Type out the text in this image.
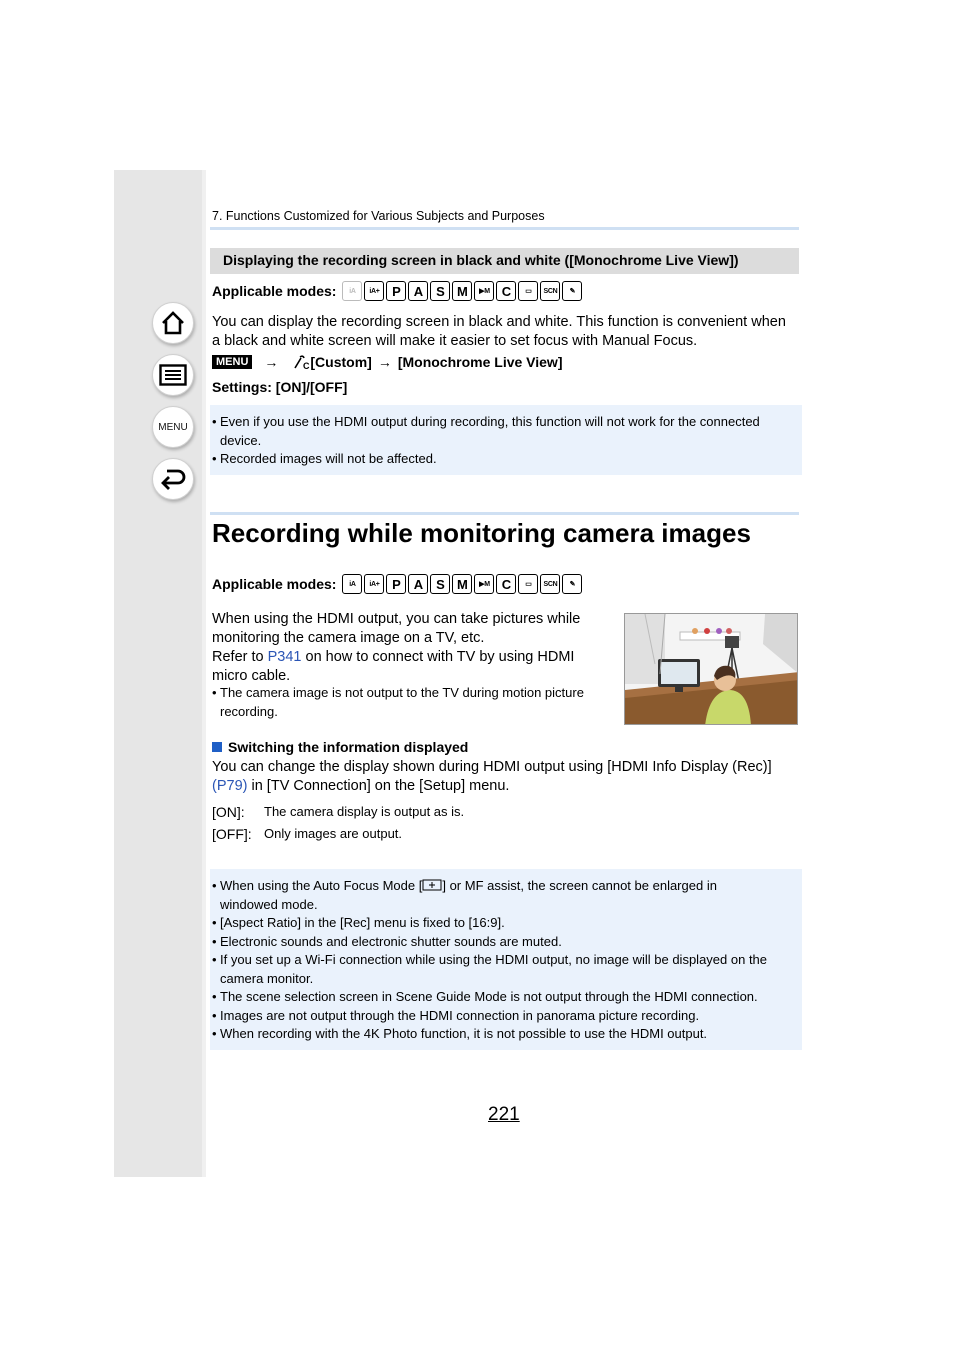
MENU
7. Functions Customized for Various Subjects and Purposes
Displaying the recording screen in black and white ([Monochrome Live View])
Applicable modes:	iA	iA+ P A S M	▶M C	▭	SCN	✎
You can display the recording screen in black and white. This function is convenient when
a black and white screen will make it easier to set focus with Manual Focus.
MENU →	C [Custom] → [Monochrome Live View]
Settings: [ON]/[OFF]
• Even if you use the HDMI output during recording, this function will not work for the connected
device.
• Recorded images will not be affected.
Recording while monitoring camera images
Applicable modes:	iA	iA+ P A S M	▶M C	▭	SCN	✎
When using the HDMI output, you can take pictures while
monitoring the camera image on a TV, etc.
Refer to P341 on how to connect with TV by using HDMI
micro cable.
• The camera image is not output to the TV during motion picture
recording.
Switching the information displayed
You can change the display shown during HDMI output using [HDMI Info Display (Rec)]
(P79) in [TV Connection] on the [Setup] menu.
[ON]:	The camera display is output as is.
[OFF]: Only images are output.
• When using the Auto Focus Mode [ ] or MF assist, the screen cannot be enlarged in
windowed mode.
• [Aspect Ratio] in the [Rec] menu is fixed to [16:9].
• Electronic sounds and electronic shutter sounds are muted.
• If you set up a Wi-Fi connection while using the HDMI output, no image will be displayed on the
camera monitor.
• The scene selection screen in Scene Guide Mode is not output through the HDMI connection.
• Images are not output through the HDMI connection in panorama picture recording.
• When recording with the 4K Photo function, it is not possible to use the HDMI output.
221
